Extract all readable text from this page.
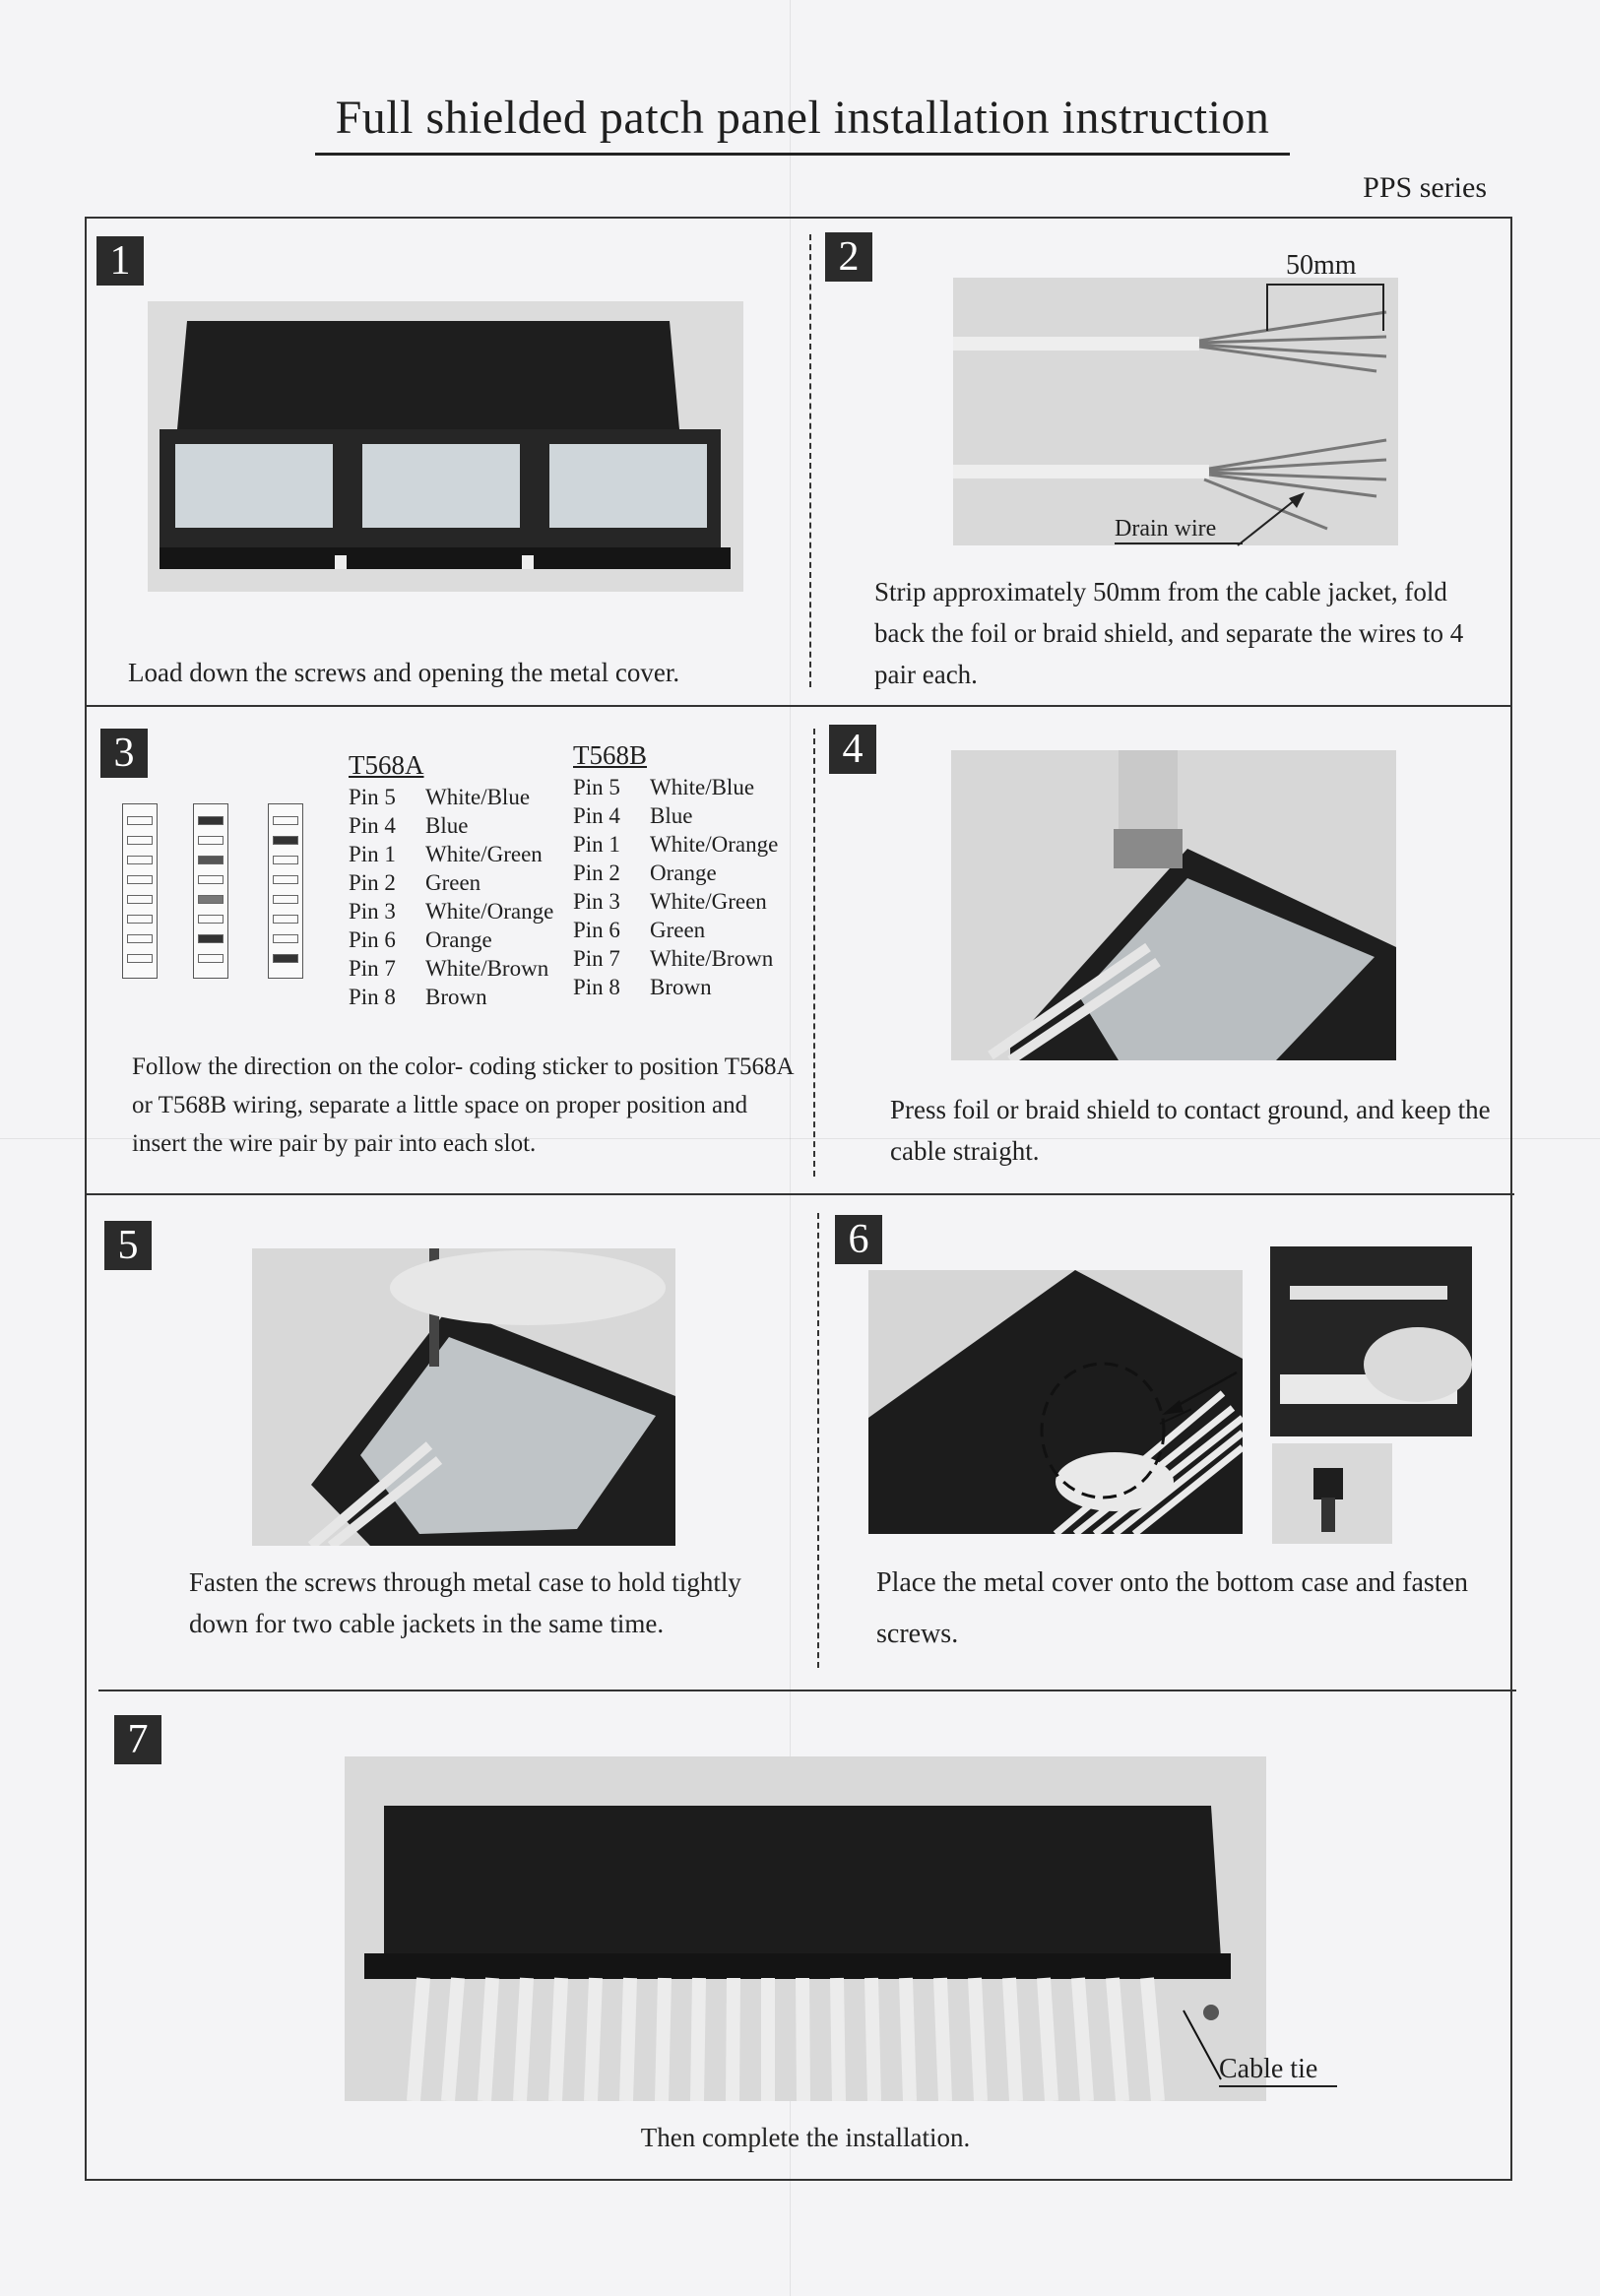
Full shielded patch panel installation instruction
PPS series
1
Load down the screws and opening the metal cover.
2	50mm
Drain wire
Strip approximately 50mm from the cable jacket, fold back the foil or braid shield, and separate the wires to 4 pair each.
3	T568A
Pin 5	White/Blue
Pin 4	Blue
Pin 1	White/Green
Pin 2	Green
Pin 3	White/Orange
Pin 6	Orange
Pin 7	White/Brown
Pin 8	Brown
T568B
Pin 5	White/Blue
Pin 4	Blue
Pin 1	White/Orange
Pin 2	Orange
Pin 3	White/Green
Pin 6	Green
Pin 7	White/Brown
Pin 8	Brown
Follow the direction on the color- coding sticker to position T568A or T568B wiring, separate a little space on proper position and insert the wire pair by pair into each slot.
4
Press foil or braid shield to contact ground, and keep the cable straight.
5
Fasten the screws through metal case to hold tightly down for two cable jackets in the same time.
6
Place the metal cover onto the bottom case and fasten screws.
7
Cable tie
Then complete the installation.
